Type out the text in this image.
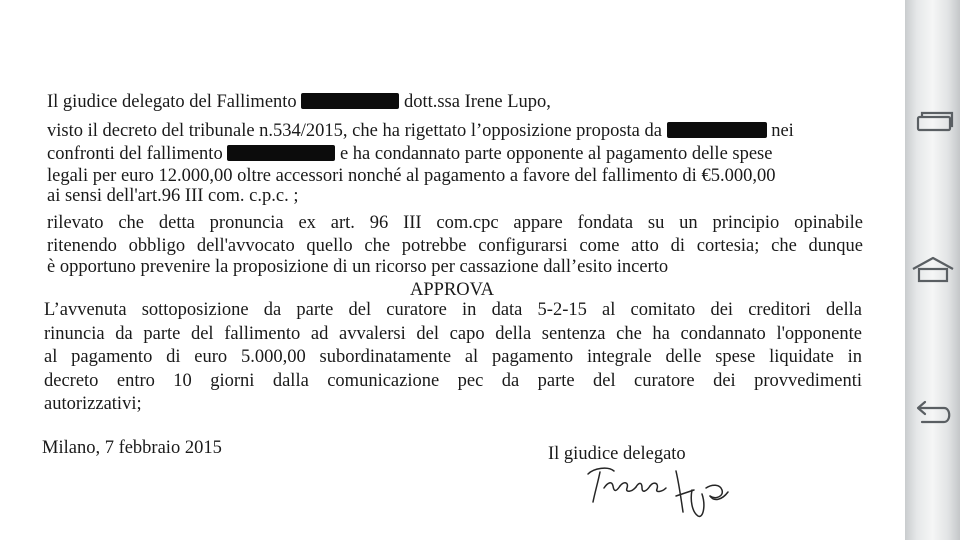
Il giudice delegato del Fallimento	dott.ssa Irene Lupo,
visto il decreto del tribunale n.534/2015, che ha rigettato l’opposizione proposta da	nei
confronti del fallimento	e ha condannato parte opponente al pagamento delle spese
legali per euro 12.000,00 oltre accessori nonché al pagamento a favore del fallimento di €5.000,00
ai sensi dell'art.96 III com. c.p.c. ;
rilevato che detta pronuncia ex art. 96 III com.cpc appare fondata su un principio opinabile
ritenendo obbligo dell'avvocato quello che potrebbe configurarsi come atto di cortesia; che dunque
è opportuno prevenire la proposizione di un ricorso per cassazione dall’esito incerto
APPROVA
L’avvenuta sottoposizione da parte del curatore in data 5-2-15 al comitato dei creditori della
rinuncia da parte del fallimento ad avvalersi del capo della sentenza che ha condannato l'opponente
al pagamento di euro 5.000,00 subordinatamente al pagamento integrale delle spese liquidate in
decreto entro 10 giorni dalla comunicazione pec da parte del curatore dei provvedimenti
autorizzativi;
Milano, 7 febbraio 2015	Il giudice delegato
